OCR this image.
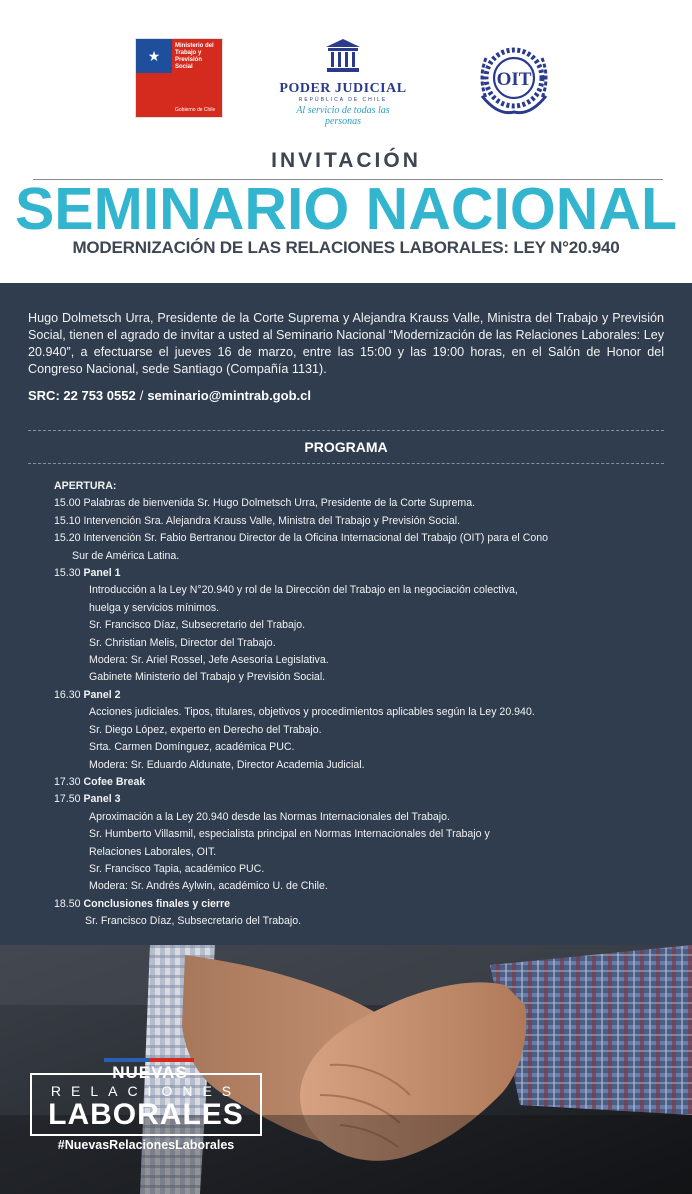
★
Ministerio del Trabajo y Previsión Social
Gobierno de Chile
PODER JUDICIAL
REPÚBLICA DE CHILE
Al servicio de todas las personas
OIT
INVITACIÓN
SEMINARIO NACIONAL
MODERNIZACIÓN DE LAS RELACIONES LABORALES: LEY N°20.940

Hugo Dolmetsch Urra, Presidente de la Corte Suprema y Alejandra Krauss Valle, Ministra del Trabajo y Previsión Social, tienen el agrado de invitar a usted al Seminario Nacional “Modernización de las Relaciones Laborales: Ley 20.940”, a efectuarse el jueves 16 de marzo, entre las 15:00 y las 19:00 horas, en el Salón de Honor del Congreso Nacional, sede Santiago (Compañía 1131).

SRC: 22 753 0552 / seminario@mintrab.gob.cl
PROGRAMA
APERTURA:
15.00 Palabras de bienvenida Sr. Hugo Dolmetsch Urra, Presidente de la Corte Suprema.
15.10 Intervención Sra. Alejandra Krauss Valle, Ministra del Trabajo y Previsión Social.
15.20 Intervención Sr. Fabio Bertranou Director de la Oficina Internacional del Trabajo (OIT) para el Cono
Sur de América Latina.
15.30 Panel 1
Introducción a la Ley N°20.940 y rol de la Dirección del Trabajo en la negociación colectiva,
huelga y servicios mínimos.
Sr. Francisco Díaz, Subsecretario del Trabajo.
Sr. Christian Melis, Director del Trabajo.
Modera: Sr. Ariel Rossel, Jefe Asesoría Legislativa.
Gabinete Ministerio del Trabajo y Previsión Social.
16.30 Panel 2
Acciones judiciales. Tipos, titulares, objetivos y procedimientos aplicables según la Ley 20.940.
Sr. Diego López, experto en Derecho del Trabajo.
Srta. Carmen Domínguez, académica PUC.
Modera: Sr. Eduardo Aldunate, Director Academia Judicial.
17.30 Cofee Break
17.50 Panel 3
Aproximación a la Ley 20.940 desde las Normas Internacionales del Trabajo.
Sr. Humberto Villasmil, especialista principal en Normas Internacionales del Trabajo y
Relaciones Laborales, OIT.
Sr. Francisco Tapia, académico PUC.
Modera: Sr. Andrés Aylwin, académico U. de Chile.
18.50 Conclusiones finales y cierre
Sr. Francisco Díaz, Subsecretario del Trabajo.
NUEVAS
RELACIONES
LABORALES
#NuevasRelacionesLaborales
